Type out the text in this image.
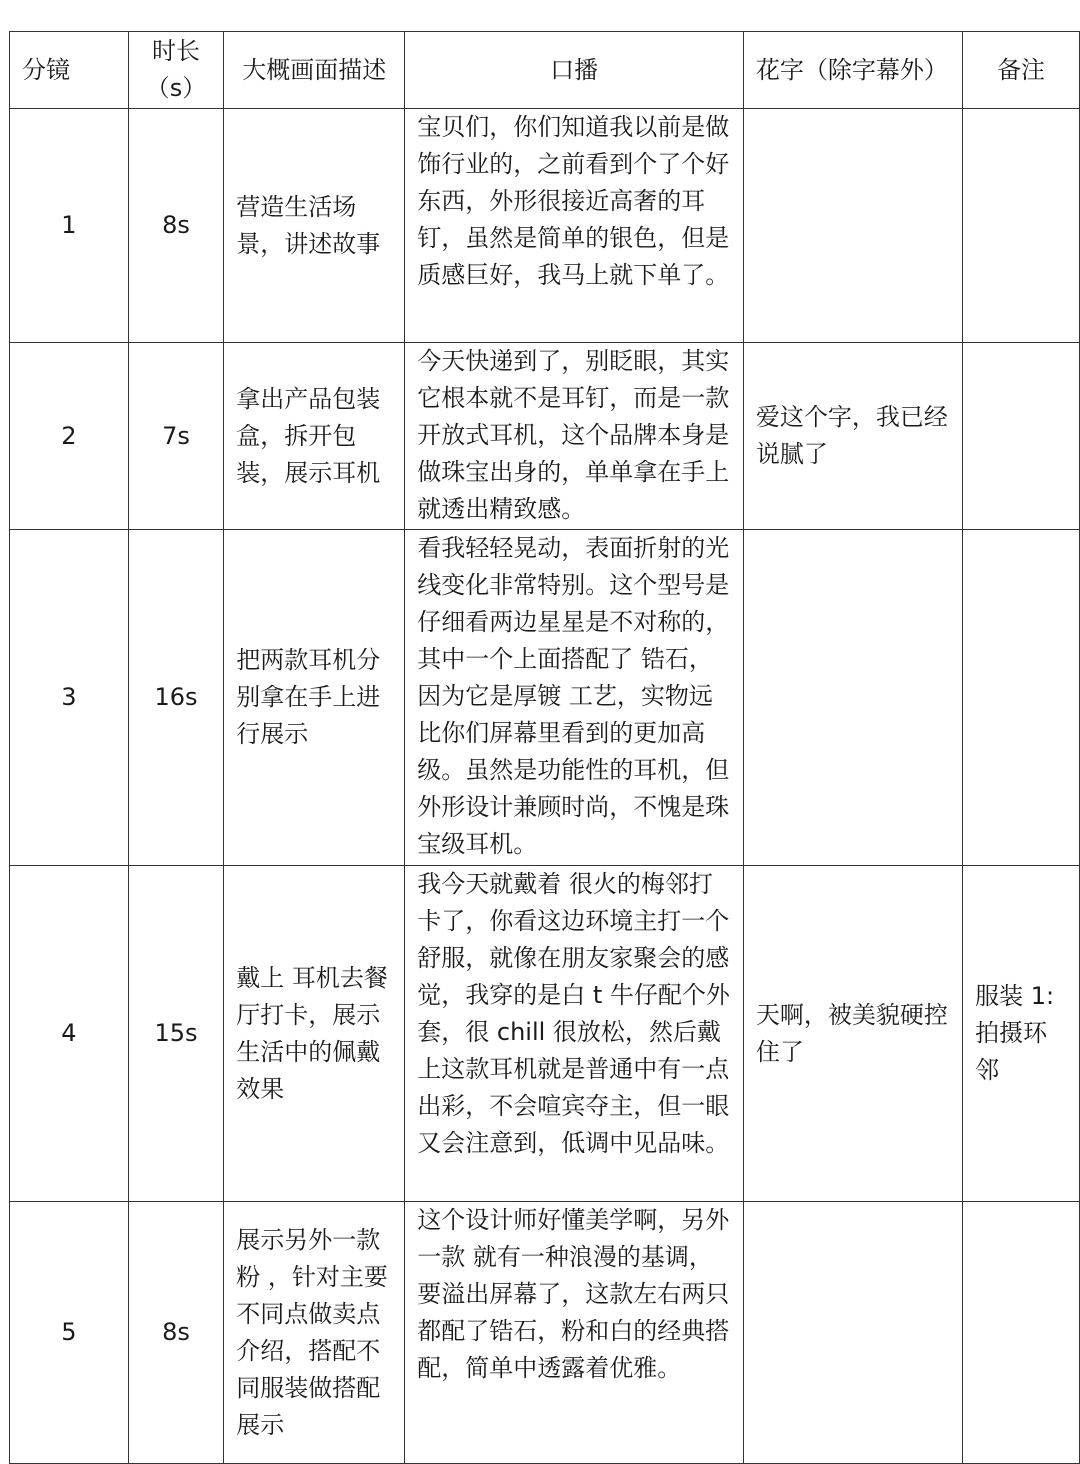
分镜	时长（s）	大概画面描述	口播	花字（除字幕外）	备注
1	8s	营造生活场景，讲述故事	宝贝们，你们知道我以前是做饰行业的，之前看到个了个好东西，外形很接近高奢的耳钉，虽然是简单的银色，但是质感巨好，我马上就下单了。		
2	7s	拿出产品包装盒，拆开包装，展示耳机	今天快递到了，别眨眼，其实它根本就不是耳钉，而是一款开放式耳机，这个品牌本身是做珠宝出身的，单单拿在手上就透出精致感。	爱这个字，我已经说腻了	
3	16s	把两款耳机分别拿在手上进行展示	看我轻轻晃动，表面折射的光线变化非常特别。这个型号是 仔细看两边星星是不对称的，其中一个上面搭配了 锆石，因为它是厚镀 工艺，实物远比你们屏幕里看到的更加高级。虽然是功能性的耳机，但外形设计兼顾时尚，不愧是珠宝级耳机。		
4	15s	戴上 耳机去餐厅打卡，展示生活中的佩戴效果	我今天就戴着 很火的梅邻打卡了，你看这边环境主打一个舒服，就像在朋友家聚会的感觉，我穿的是白 t 牛仔配个外套，很 chill 很放松，然后戴上这款耳机就是普通中有一点出彩，不会喧宾夺主，但一眼又会注意到，低调中见品味。	天啊，被美貌硬控住了	服装 1:拍摄环邻
5	8s	展示另外一款粉 ，针对主要不同点做卖点介绍，搭配不同服装做搭配展示	这个设计师好懂美学啊，另外一款 就有一种浪漫的基调， 要溢出屏幕了，这款左右两只都配了锆石，粉和白的经典搭配，简单中透露着优雅。		
